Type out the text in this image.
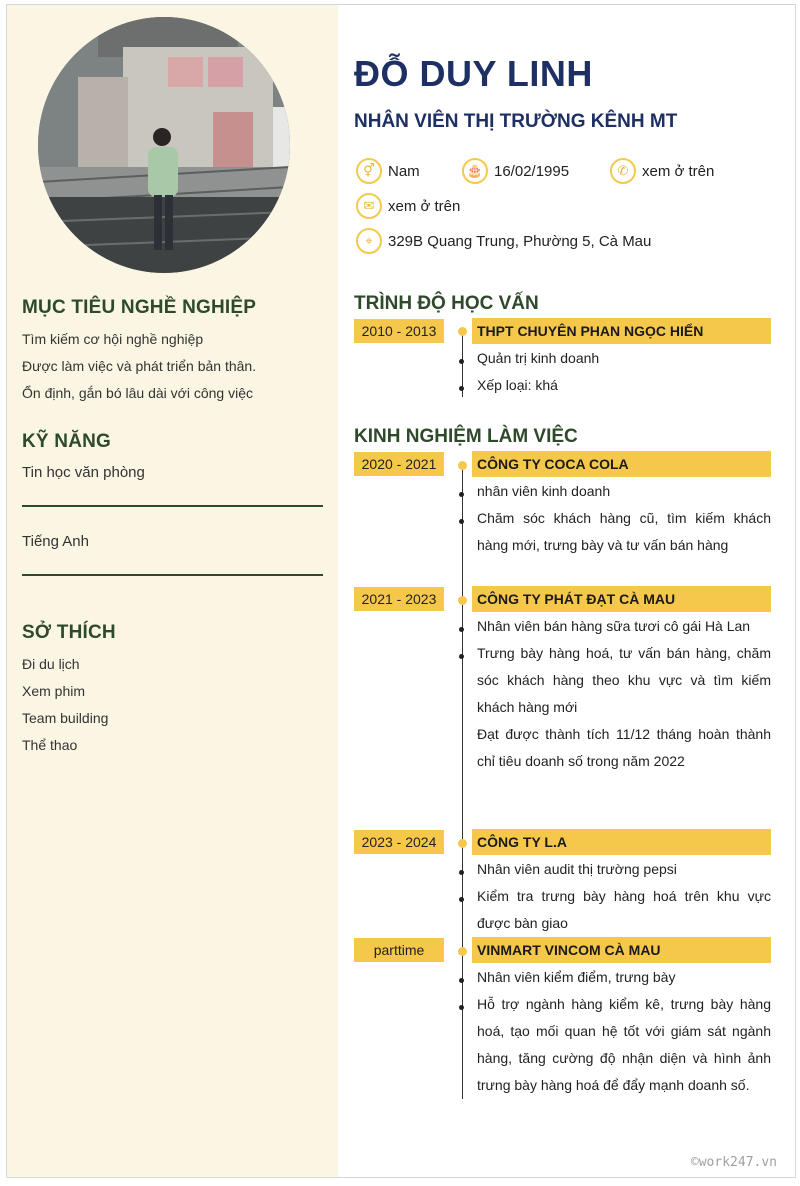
MỤC TIÊU NGHỀ NGHIỆP
Tìm kiếm cơ hội nghề nghiệp
Được làm việc và phát triển bản thân.
Ổn định, gắn bó lâu dài với công việc
KỸ NĂNG
Tin học văn phòng
Tiếng Anh
SỞ THÍCH
Đi du lịch
Xem phim
Team building
Thể thao
ĐỖ DUY LINH
NHÂN VIÊN THỊ TRƯỜNG KÊNH MT
⚥ Nam	🎂 16/02/1995	✆ xem ở trên
✉ xem ở trên
⌖	329B Quang Trung, Phường 5, Cà Mau
TRÌNH ĐỘ HỌC VẤN
2010 - 2013	THPT CHUYÊN PHAN NGỌC HIỂN
Quản trị kinh doanh
Xếp loại: khá
KINH NGHIỆM LÀM VIỆC
2020 - 2021	CÔNG TY COCA COLA
nhân viên kinh doanh
Chăm sóc khách hàng cũ, tìm kiếm khách hàng mới, trưng bày và tư vấn bán hàng
2021 - 2023	CÔNG TY PHÁT ĐẠT CÀ MAU
Nhân viên bán hàng sữa tươi cô gái Hà Lan
Trưng bày hàng hoá, tư vấn bán hàng, chăm sóc khách hàng theo khu vực và tìm kiếm khách hàng mới
Đạt được thành tích 11/12 tháng hoàn thành chỉ tiêu doanh số trong năm 2022
2023 - 2024	CÔNG TY L.A
Nhân viên audit thị trường pepsi
Kiểm tra trưng bày hàng hoá trên khu vực được bàn giao
parttime	VINMART VINCOM CÀ MAU
Nhân viên kiểm điểm, trưng bày
Hỗ trợ ngành hàng kiểm kê, trưng bày hàng hoá, tạo mối quan hệ tốt với giám sát ngành hàng, tăng cường độ nhận diện và hình ảnh trưng bày hàng hoá để đẩy mạnh doanh số.
©work247.vn
